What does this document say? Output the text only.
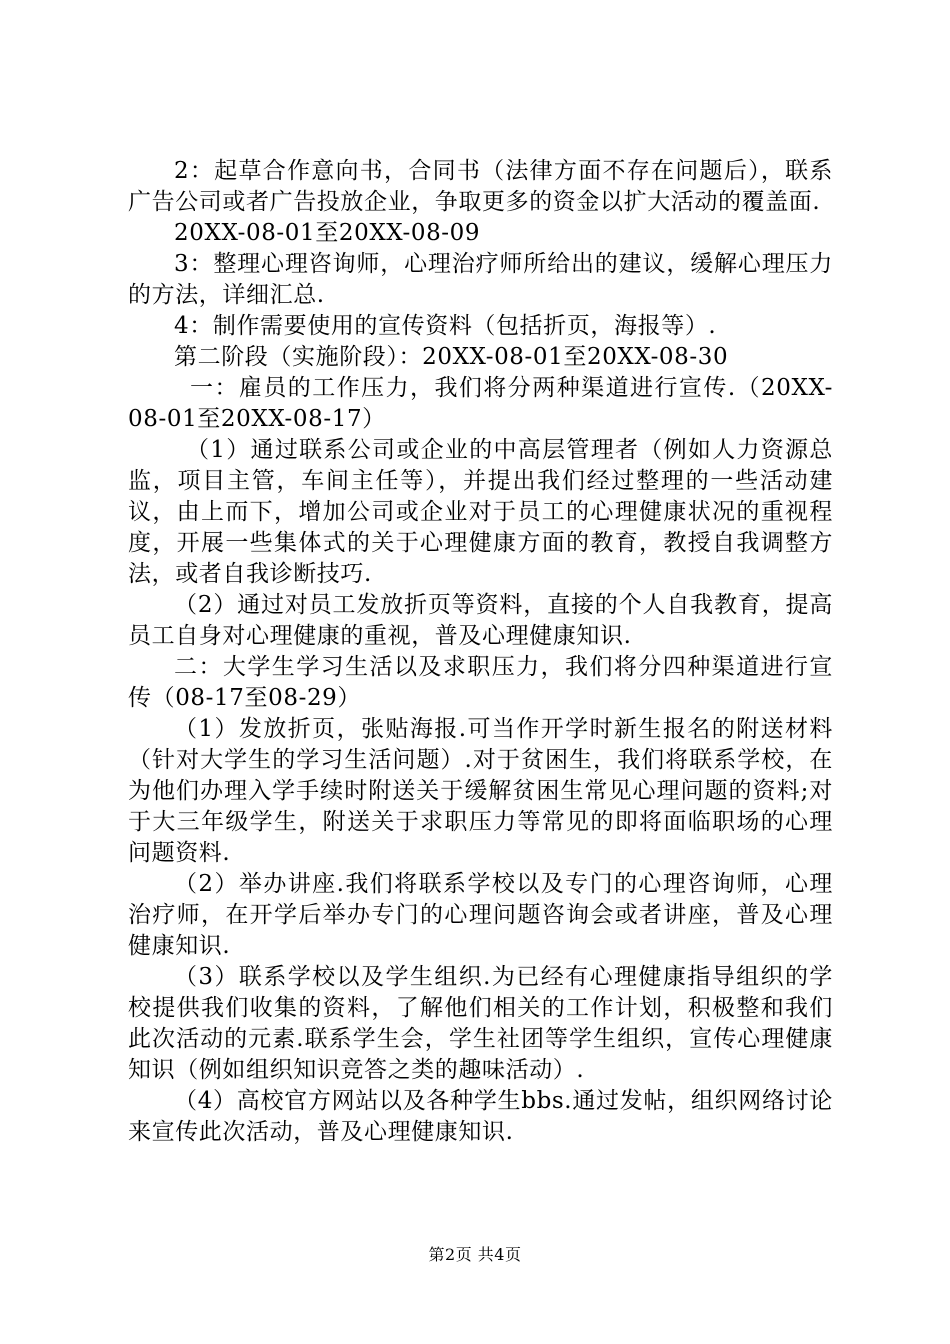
2：起草合作意向书，合同书（法律方面不存在问题后），联系广告公司或者广告投放企业，争取更多的资金以扩大活动的覆盖面.

20XX-08-01至20XX-08-09

3：整理心理咨询师，心理治疗师所给出的建议，缓解心理压力的方法，详细汇总.

4：制作需要使用的宣传资料（包括折页，海报等）.

第二阶段（实施阶段）：20XX-08-01至20XX-08-30

一：雇员的工作压力，我们将分两种渠道进行宣传.（20XX-08-01至20XX-08-17）

（1）通过联系公司或企业的中高层管理者（例如人力资源总监，项目主管，车间主任等），并提出我们经过整理的一些活动建议，由上而下，增加公司或企业对于员工的心理健康状况的重视程度，开展一些集体式的关于心理健康方面的教育，教授自我调整方法，或者自我诊断技巧.

（2）通过对员工发放折页等资料，直接的个人自我教育，提高员工自身对心理健康的重视，普及心理健康知识.

二：大学生学习生活以及求职压力，我们将分四种渠道进行宣传（08-17至08-29）

（1）发放折页，张贴海报.可当作开学时新生报名的附送材料（针对大学生的学习生活问题）.对于贫困生，我们将联系学校，在为他们办理入学手续时附送关于缓解贫困生常见心理问题的资料;对于大三年级学生，附送关于求职压力等常见的即将面临职场的心理问题资料.

（2）举办讲座.我们将联系学校以及专门的心理咨询师，心理治疗师，在开学后举办专门的心理问题咨询会或者讲座，普及心理健康知识.

（3）联系学校以及学生组织.为已经有心理健康指导组织的学校提供我们收集的资料，了解他们相关的工作计划，积极整和我们此次活动的元素.联系学生会，学生社团等学生组织，宣传心理健康知识（例如组织知识竞答之类的趣味活动）.

（4）高校官方网站以及各种学生bbs.通过发帖，组织网络讨论来宣传此次活动，普及心理健康知识.

第2页 共4页
